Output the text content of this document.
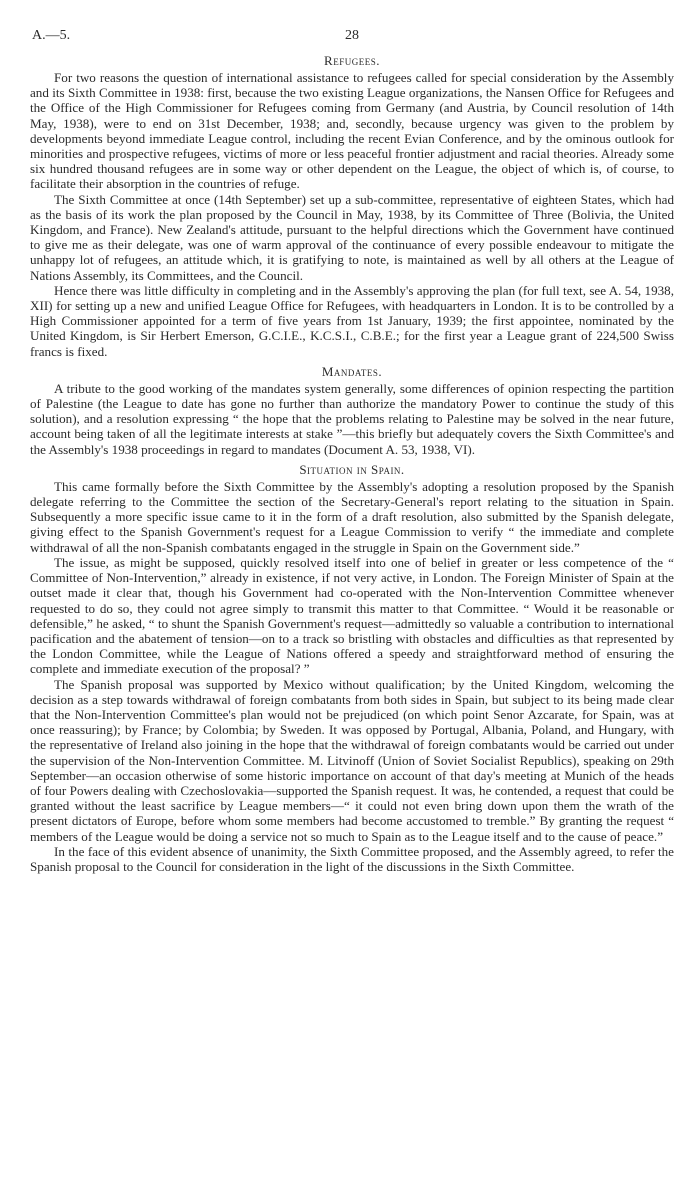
A.—5.	28
Refugees.

For two reasons the question of international assistance to refugees called for special consideration by the Assembly and its Sixth Committee in 1938: first, because the two existing League organizations, the Nansen Office for Refugees and the Office of the High Commissioner for Refugees coming from Germany (and Austria, by Council resolution of 14th May, 1938), were to end on 31st December, 1938; and, secondly, because urgency was given to the problem by developments beyond immediate League control, including the recent Evian Conference, and by the ominous outlook for minorities and prospective refugees, victims of more or less peaceful frontier adjustment and racial theories. Already some six hundred thousand refugees are in some way or other dependent on the League, the object of which is, of course, to facilitate their absorption in the countries of refuge.

The Sixth Committee at once (14th September) set up a sub-committee, representative of eighteen States, which had as the basis of its work the plan proposed by the Council in May, 1938, by its Committee of Three (Bolivia, the United Kingdom, and France). New Zealand's attitude, pursuant to the helpful directions which the Government have continued to give me as their delegate, was one of warm approval of the continuance of every possible endeavour to mitigate the unhappy lot of refugees, an attitude which, it is gratifying to note, is maintained as well by all others at the League of Nations Assembly, its Committees, and the Council.

Hence there was little difficulty in completing and in the Assembly's approving the plan (for full text, see A. 54, 1938, XII) for setting up a new and unified League Office for Refugees, with headquarters in London. It is to be controlled by a High Commissioner appointed for a term of five years from 1st January, 1939; the first appointee, nominated by the United Kingdom, is Sir Herbert Emerson, G.C.I.E., K.C.S.I., C.B.E.; for the first year a League grant of 224,500 Swiss francs is fixed.

Mandates.

A tribute to the good working of the mandates system generally, some differences of opinion respecting the partition of Palestine (the League to date has gone no further than authorize the mandatory Power to continue the study of this solution), and a resolution expressing “ the hope that the problems relating to Palestine may be solved in the near future, account being taken of all the legitimate interests at stake ”—this briefly but adequately covers the Sixth Committee's and the Assembly's 1938 proceedings in regard to mandates (Document A. 53, 1938, VI).

Situation in Spain.

This came formally before the Sixth Committee by the Assembly's adopting a resolution proposed by the Spanish delegate referring to the Committee the section of the Secretary-General's report relating to the situation in Spain. Subsequently a more specific issue came to it in the form of a draft resolution, also submitted by the Spanish delegate, giving effect to the Spanish Government's request for a League Commission to verify “ the immediate and complete withdrawal of all the non-Spanish combatants engaged in the struggle in Spain on the Government side.”

The issue, as might be supposed, quickly resolved itself into one of belief in greater or less competence of the “ Committee of Non-Intervention,” already in existence, if not very active, in London. The Foreign Minister of Spain at the outset made it clear that, though his Government had co-operated with the Non-Intervention Committee whenever requested to do so, they could not agree simply to transmit this matter to that Committee. “ Would it be reasonable or defensible,” he asked, “ to shunt the Spanish Government's request—admittedly so valuable a contribution to international pacification and the abatement of tension—on to a track so bristling with obstacles and difficulties as that represented by the London Committee, while the League of Nations offered a speedy and straightforward method of ensuring the complete and immediate execution of the proposal? ”

The Spanish proposal was supported by Mexico without qualification; by the United Kingdom, welcoming the decision as a step towards withdrawal of foreign combatants from both sides in Spain, but subject to its being made clear that the Non-Intervention Committee's plan would not be prejudiced (on which point Senor Azcarate, for Spain, was at once reassuring); by France; by Colombia; by Sweden. It was opposed by Portugal, Albania, Poland, and Hungary, with the representative of Ireland also joining in the hope that the withdrawal of foreign combatants would be carried out under the supervision of the Non-Intervention Committee. M. Litvinoff (Union of Soviet Socialist Republics), speaking on 29th September—an occasion otherwise of some historic importance on account of that day's meeting at Munich of the heads of four Powers dealing with Czechoslovakia—supported the Spanish request. It was, he contended, a request that could be granted without the least sacrifice by League members—“ it could not even bring down upon them the wrath of the present dictators of Europe, before whom some members had become accustomed to tremble.” By granting the request “ members of the League would be doing a service not so much to Spain as to the League itself and to the cause of peace.”

In the face of this evident absence of unanimity, the Sixth Committee proposed, and the Assembly agreed, to refer the Spanish proposal to the Council for consideration in the light of the discussions in the Sixth Committee.
